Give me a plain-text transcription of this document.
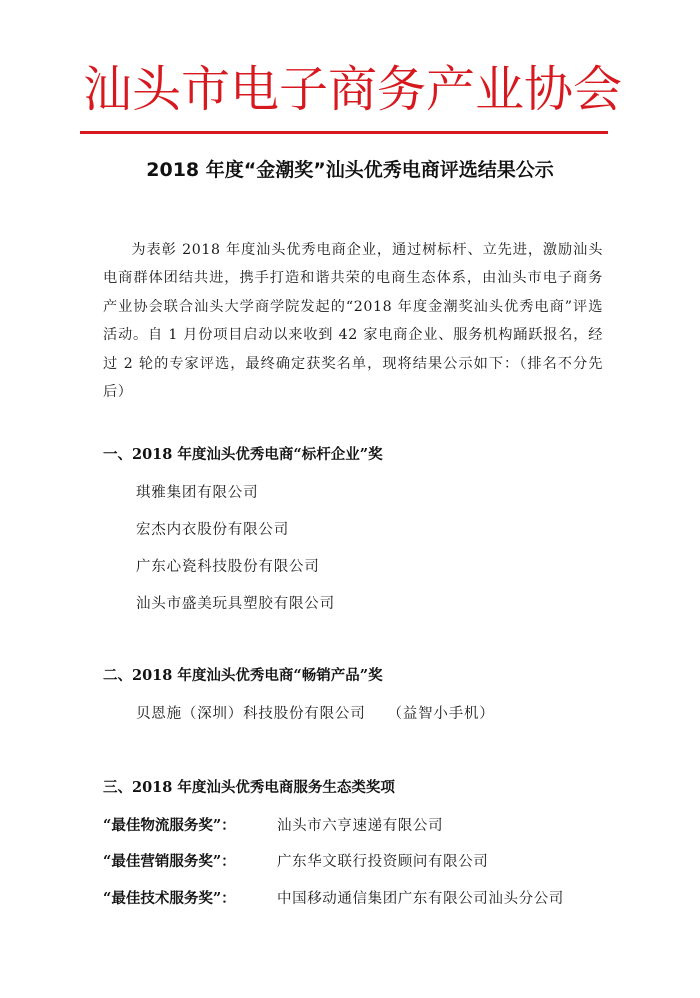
汕头市电子商务产业协会
2018 年度“金潮奖”汕头优秀电商评选结果公示
为表彰 2018 年度汕头优秀电商企业，通过树标杆、立先进，激励汕头电商群体团结共进，携手打造和谐共荣的电商生态体系，由汕头市电子商务产业协会联合汕头大学商学院发起的“2018 年度金潮奖汕头优秀电商”评选活动。自 1 月份项目启动以来收到 42 家电商企业、服务机构踊跃报名，经过 2 轮的专家评选，最终确定获奖名单，现将结果公示如下：（排名不分先后）
一、2018 年度汕头优秀电商“标杆企业”奖
琪雅集团有限公司
宏杰内衣股份有限公司
广东心瓷科技股份有限公司
汕头市盛美玩具塑胶有限公司
二、2018 年度汕头优秀电商“畅销产品”奖
贝恩施（深圳）科技股份有限公司 （益智小手机）
三、2018 年度汕头优秀电商服务生态类奖项
“最佳物流服务奖”：	汕头市六亨速递有限公司
“最佳营销服务奖”：	广东华文联行投资顾问有限公司
“最佳技术服务奖”：	中国移动通信集团广东有限公司汕头分公司
